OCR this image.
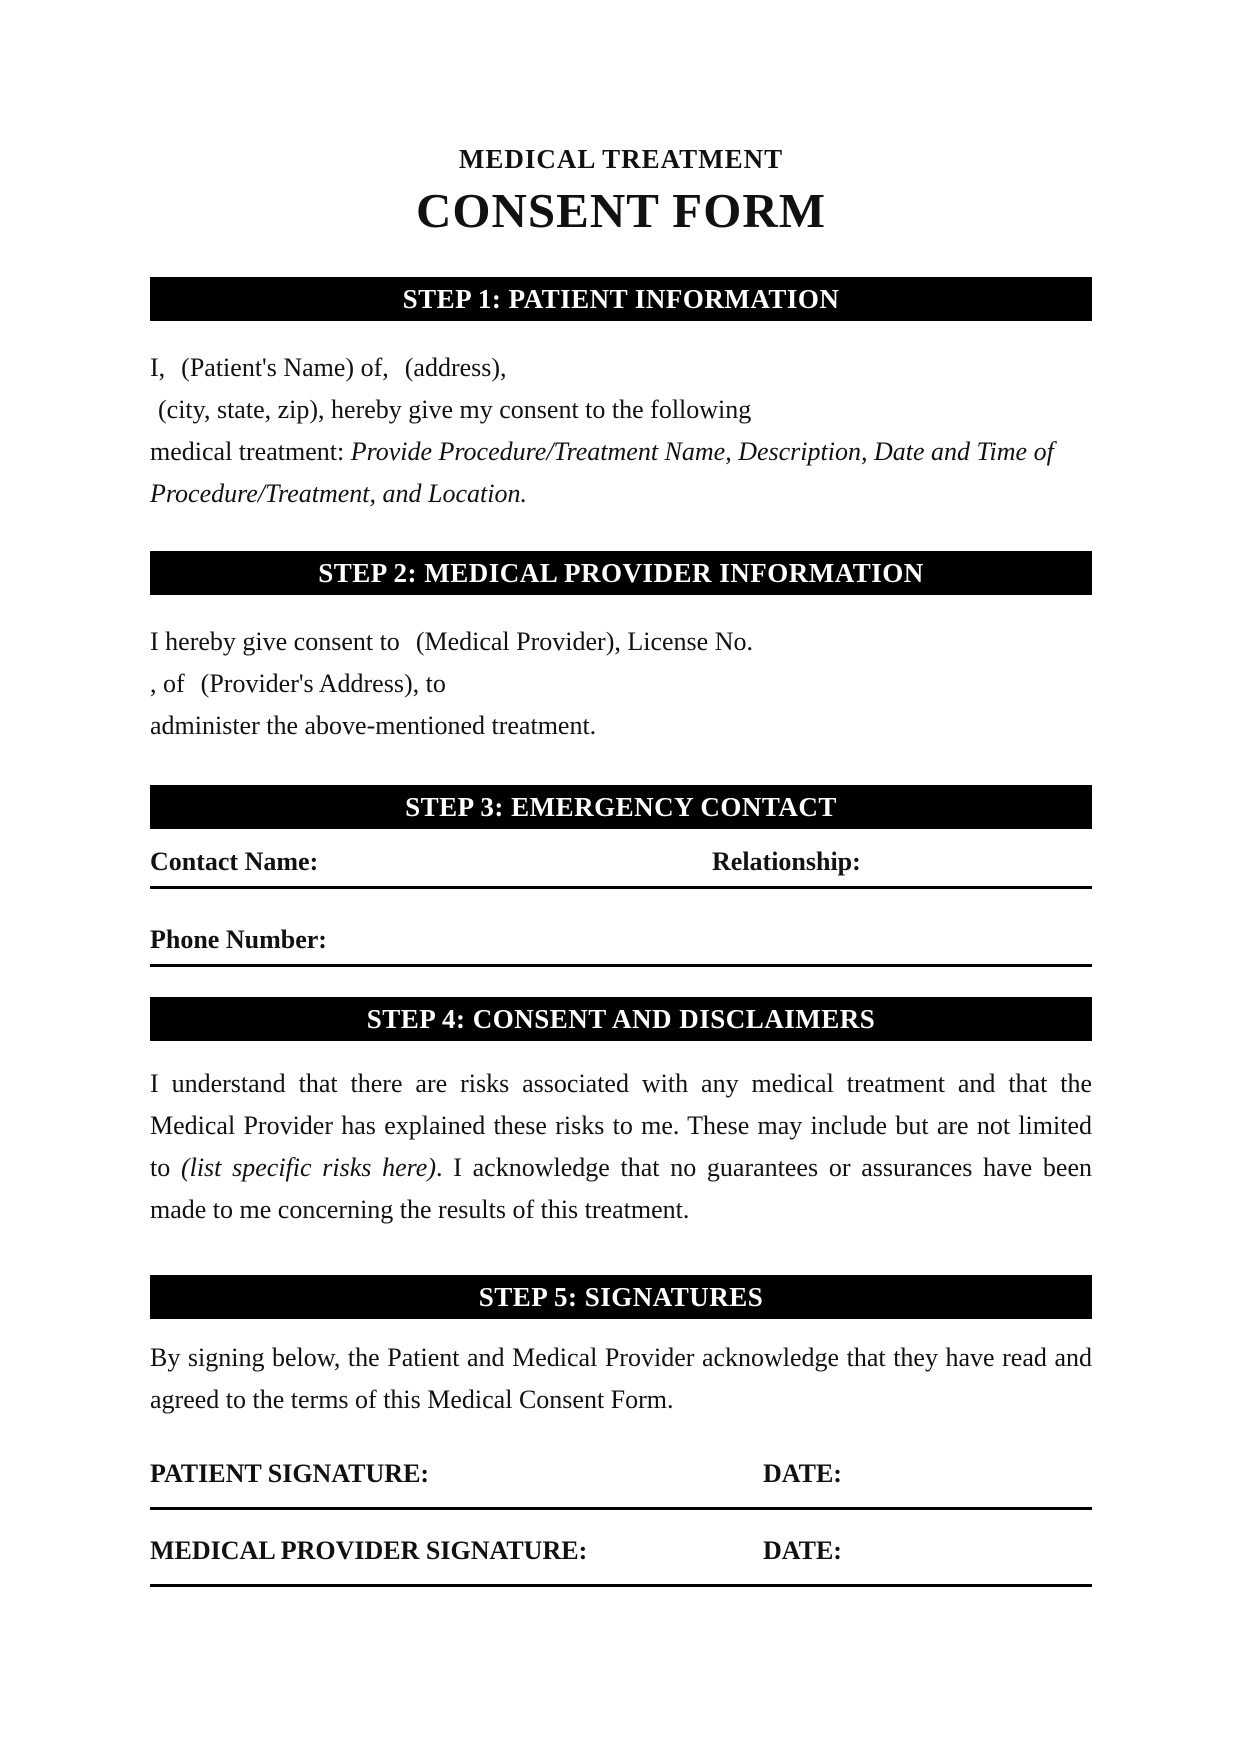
MEDICAL TREATMENT
CONSENT FORM
STEP 1: PATIENT INFORMATION
I, (Patient's Name) of, (address),
(city, state, zip), hereby give my consent to the following
medical treatment: Provide Procedure/Treatment Name, Description, Date and Time of
Procedure/Treatment, and Location.
STEP 2: MEDICAL PROVIDER INFORMATION
I hereby give consent to (Medical Provider), License No.
, of (Provider's Address), to
administer the above-mentioned treatment.
STEP 3: EMERGENCY CONTACT
Contact Name:	Relationship:
Phone Number:
STEP 4: CONSENT AND DISCLAIMERS
I understand that there are risks associated with any medical treatment and that the Medical Provider has explained these risks to me. These may include but are not limited to (list specific risks here). I acknowledge that no guarantees or assurances have been made to me concerning the results of this treatment.
STEP 5: SIGNATURES
By signing below, the Patient and Medical Provider acknowledge that they have read and agreed to the terms of this Medical Consent Form.
PATIENT SIGNATURE:	DATE:
MEDICAL PROVIDER SIGNATURE:	DATE:
